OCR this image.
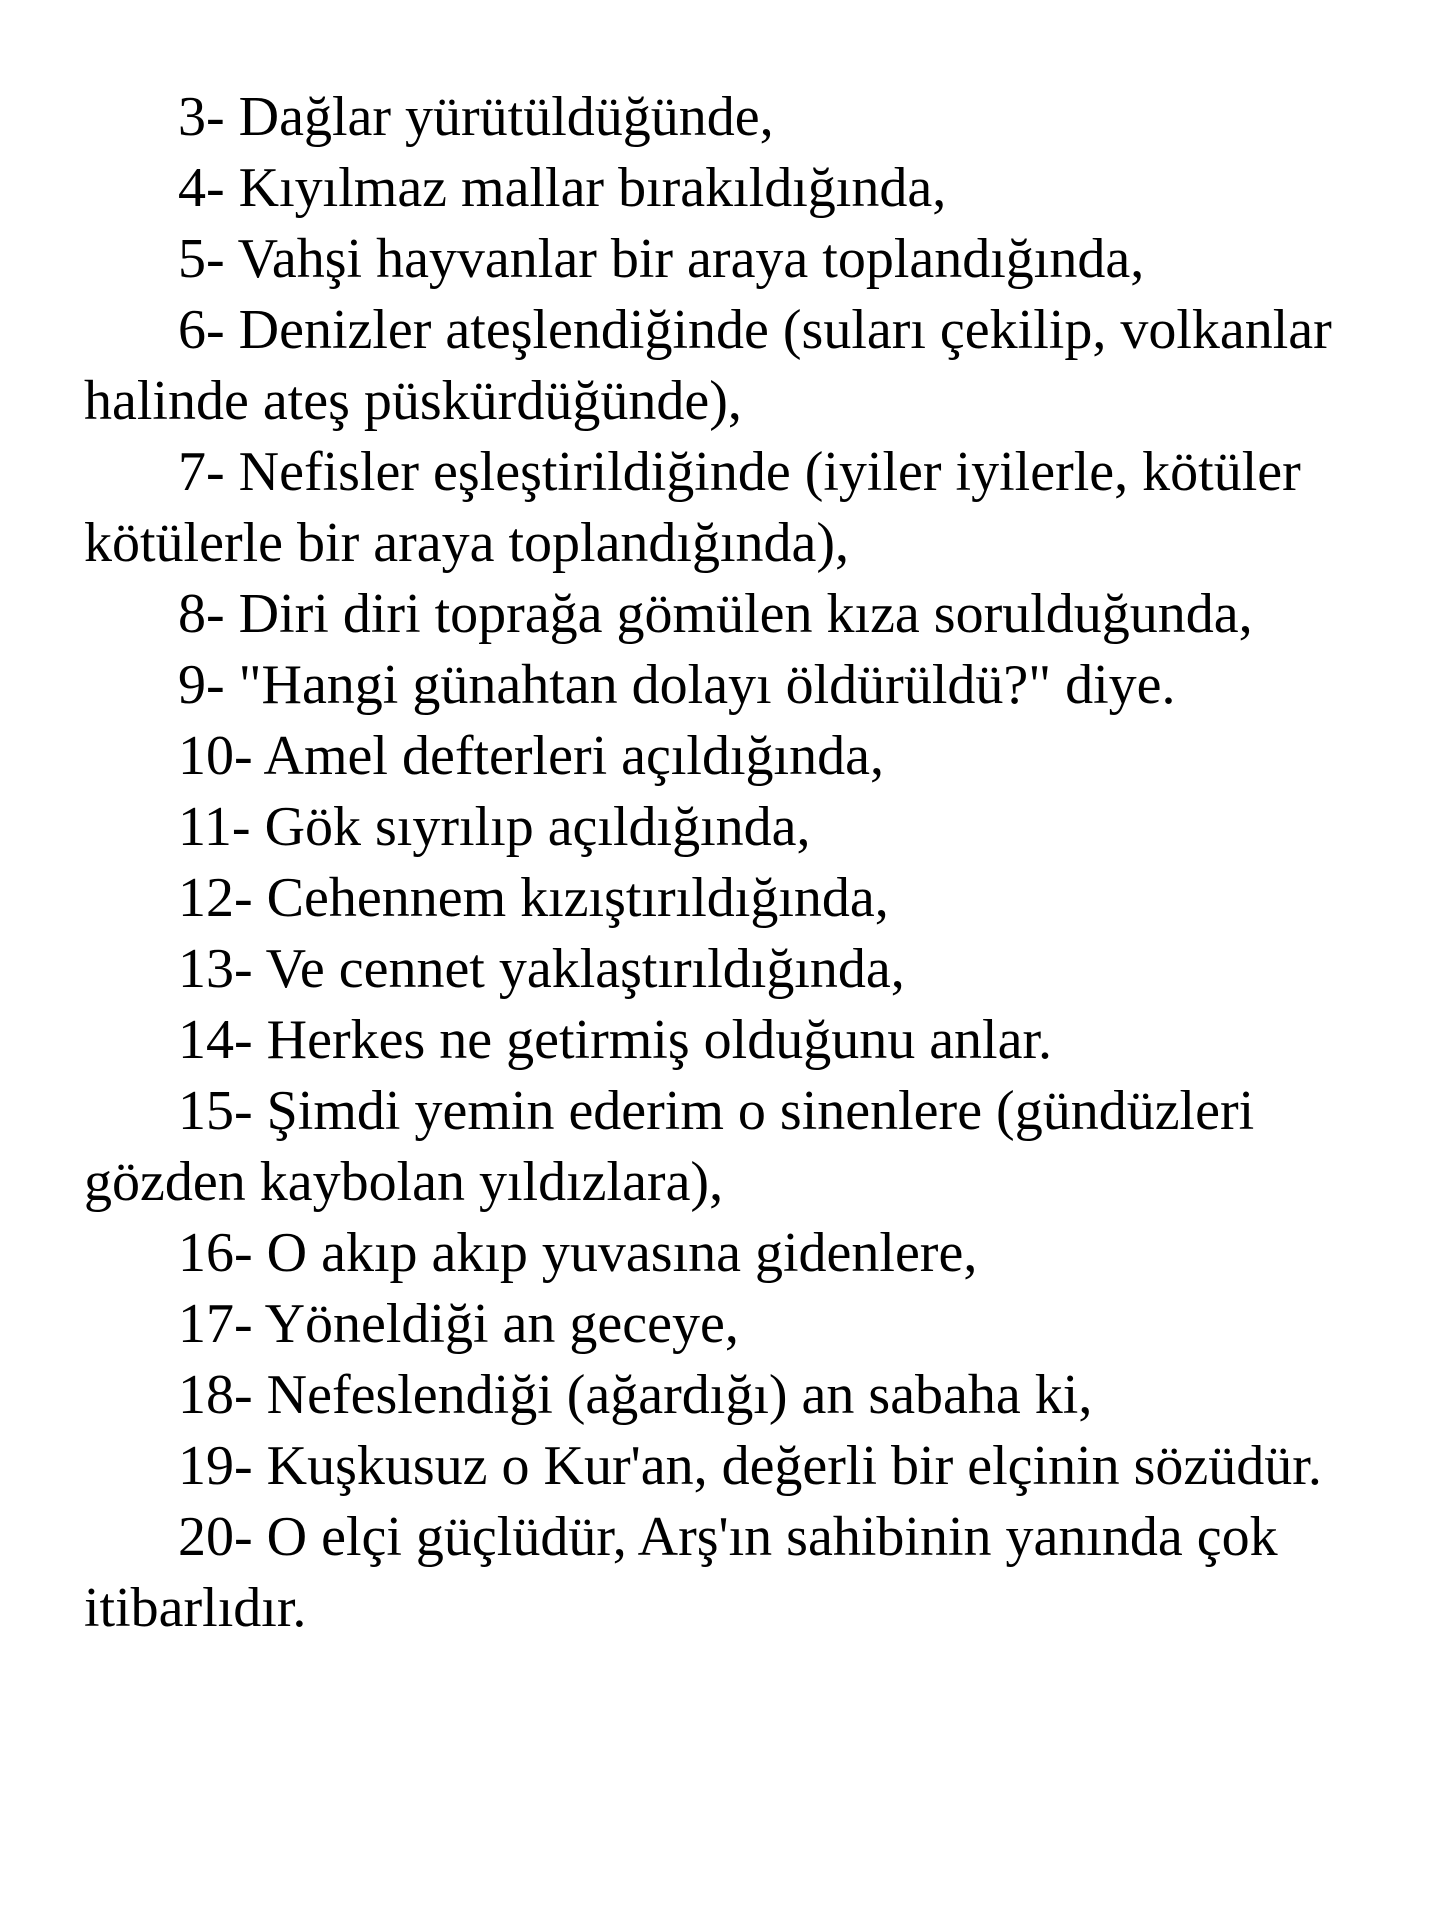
3- Dağlar yürütüldüğünde,

4- Kıyılmaz mallar bırakıldığında,

5- Vahşi hayvanlar bir araya toplandığında,

6- Denizler ateşlendiğinde (suları çekilip, volkanlar halinde ateş püskürdüğünde),

7- Nefisler eşleştirildiğinde (iyiler iyilerle, kötüler kötülerle bir araya toplandığında),

8- Diri diri toprağa gömülen kıza sorulduğunda,

9- "Hangi günahtan dolayı öldürüldü?" diye.

10- Amel defterleri açıldığında,

11- Gök sıyrılıp açıldığında,

12- Cehennem kızıştırıldığında,

13- Ve cennet yaklaştırıldığında,

14- Herkes ne getirmiş olduğunu anlar.

15- Şimdi yemin ederim o sinenlere (gündüzleri gözden kaybolan yıldızlara),

16- O akıp akıp yuvasına gidenlere,

17- Yöneldiği an geceye,

18- Nefeslendiği (ağardığı) an sabaha ki,

19- Kuşkusuz o Kur'an, değerli bir elçinin sözüdür.

20- O elçi güçlüdür, Arş'ın sahibinin yanında çok itibarlıdır.
